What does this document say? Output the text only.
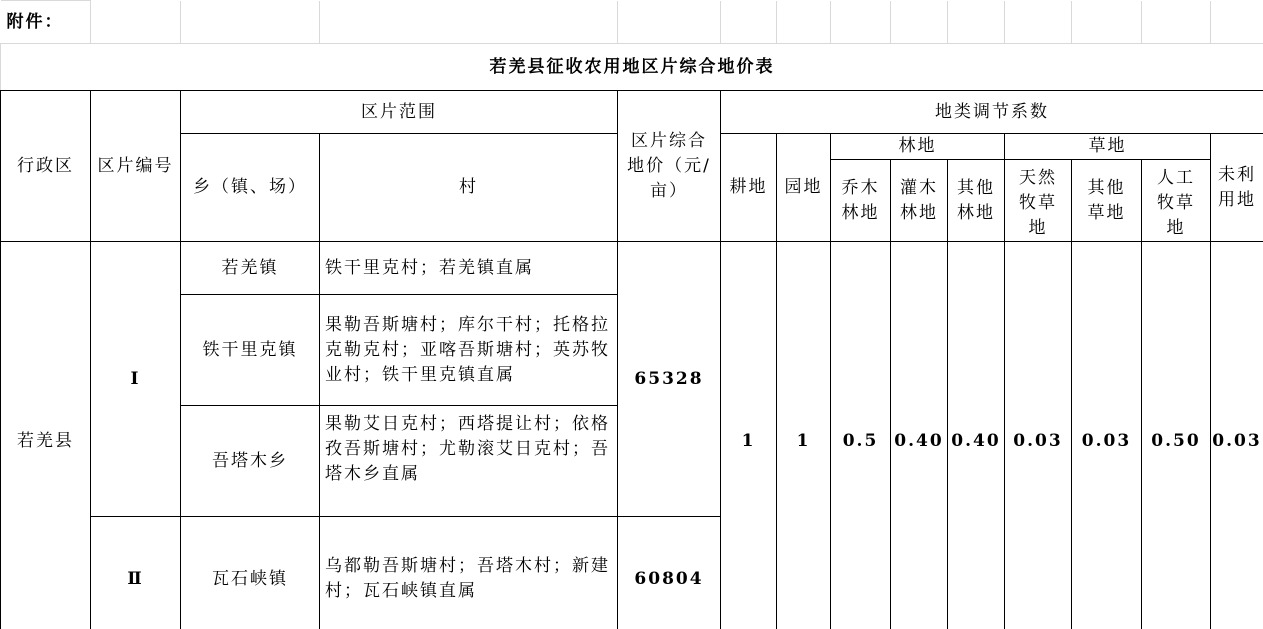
附件：													
若羌县征收农用地区片综合地价表													
行政区	区片编号	区片范围		区片综合地价（元/亩）	地类调节系数								
		乡（镇、场）	村		耕地	园地	林地			草地			未利用地
							乔木林地	灌木林地	其他林地	天然牧草地	其他草地	人工牧草地	
若羌县	Ⅰ	若羌镇	铁干里克村；若羌镇直属	65328	1	1	0.5	0.40	0.40	0.03	0.03	0.50	0.03
		铁干里克镇	果勒吾斯塘村；库尔干村；托格拉克勒克村；亚喀吾斯塘村；英苏牧业村；铁干里克镇直属										
		吾塔木乡	果勒艾日克村；西塔提让村；依格孜吾斯塘村；尤勒滚艾日克村；吾塔木乡直属										
	Ⅱ	瓦石峡镇	乌都勒吾斯塘村；吾塔木村；新建村；瓦石峡镇直属	60804									
